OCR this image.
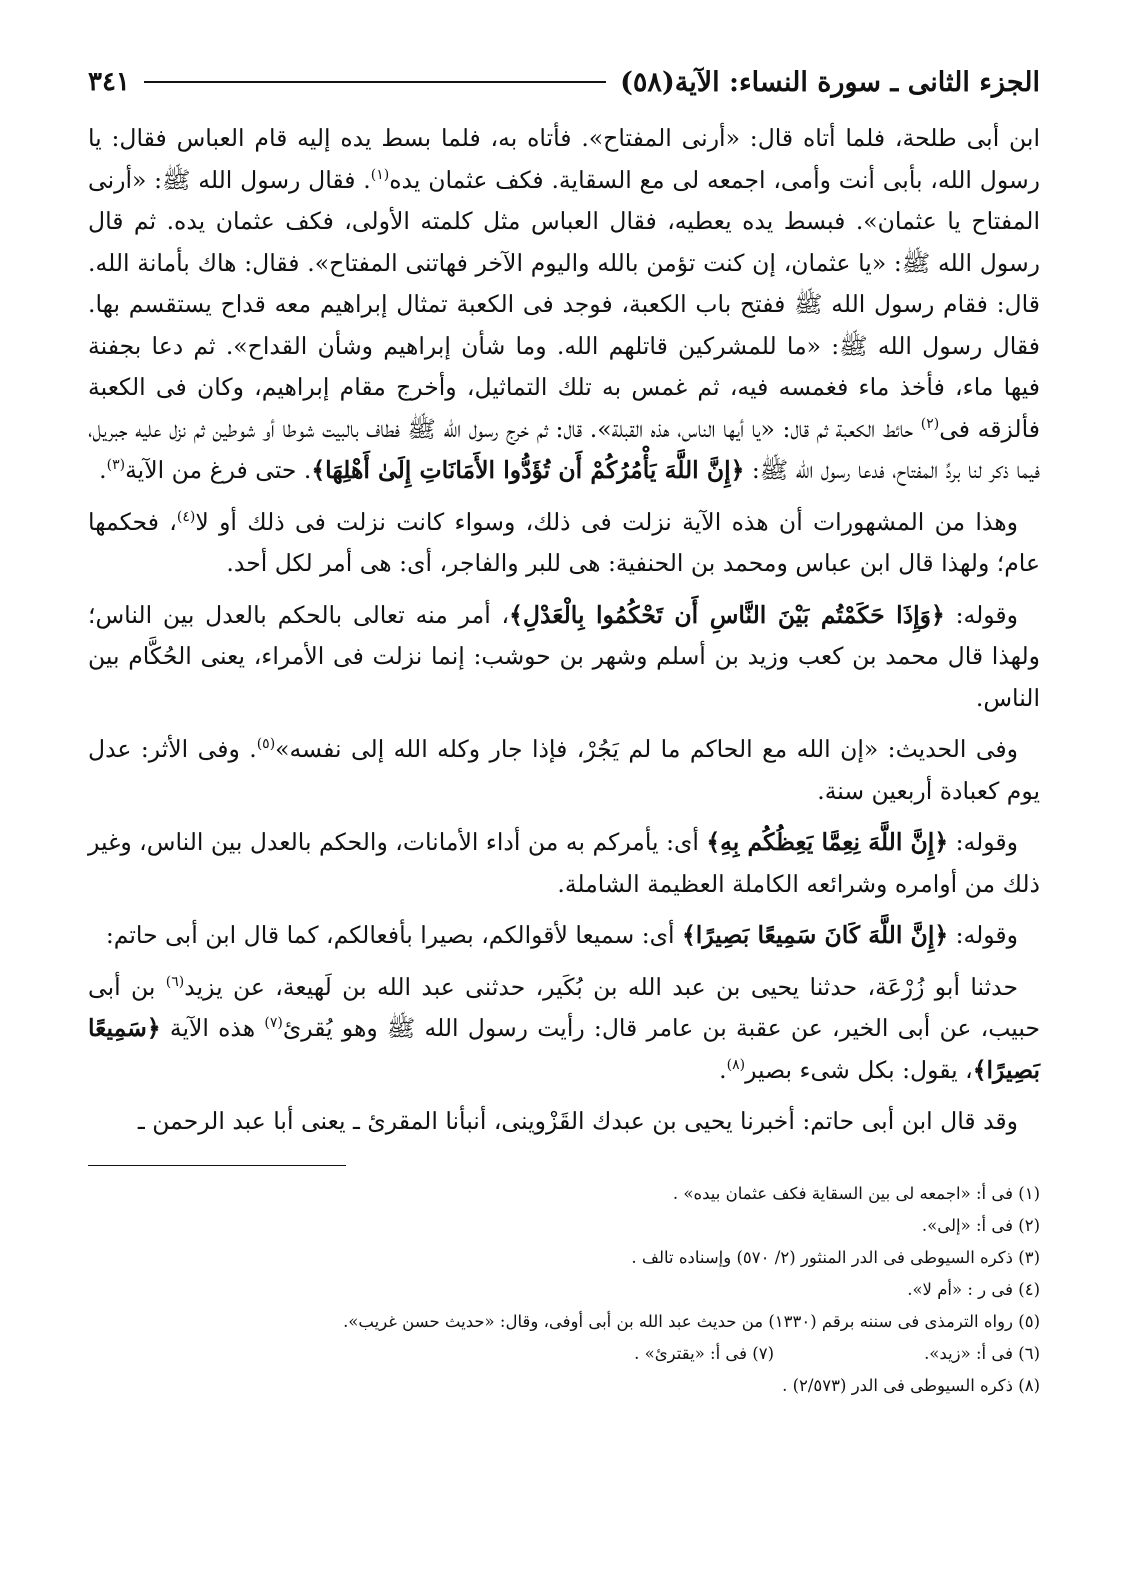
الجزء الثانى ـ سورة النساء: الآية(٥٨)
٣٤١

ابن أبى طلحة، فلما أتاه قال: «أرنى المفتاح». فأتاه به، فلما بسط يده إليه قام العباس فقال: يا رسول الله، بأبى أنت وأمى، اجمعه لى مع السقاية. فكف عثمان يده$^{(١)}$. فقال رسول الله ﷺ: «أرنى المفتاح يا عثمان». فبسط يده يعطيه، فقال العباس مثل كلمته الأولى، فكف عثمان يده. ثم قال رسول الله ﷺ: «يا عثمان، إن كنت تؤمن بالله واليوم الآخر فهاتنى المفتاح». فقال: هاك بأمانة الله. قال: فقام رسول الله ﷺ ففتح باب الكعبة، فوجد فى الكعبة تمثال إبراهيم معه قداح يستقسم بها. فقال رسول الله ﷺ: «ما للمشركين قاتلهم الله. وما شأن إبراهيم وشأن القداح». ثم دعا بجفنة فيها ماء، فأخذ ماء فغمسه فيه، ثم غمس به تلك التماثيل، وأخرج مقام إبراهيم، وكان فى الكعبة فألزقه فى$^{(٢)}$ حائط الكعبة ثم قال: «يا أيها الناس، هذه القبلة». قال: ثم خرج رسول الله ﷺ فطاف بالبيت شوطا أو شوطين ثم نزل عليه جبريل، فيما ذكر لنا بردِّ المفتاح، فدعا رسول الله ﷺ: ﴿إِنَّ اللَّهَ يَأْمُرُكُمْ أَن تُؤَدُّوا الأَمَانَاتِ إِلَىٰ أَهْلِهَا﴾. حتى فرغ من الآية$^{(٣)}$.

وهذا من المشهورات أن هذه الآية نزلت فى ذلك، وسواء كانت نزلت فى ذلك أو لا$^{(٤)}$، فحكمها عام؛ ولهذا قال ابن عباس ومحمد بن الحنفية: هى للبر والفاجر، أى: هى أمر لكل أحد.

وقوله: ﴿وَإِذَا حَكَمْتُم بَيْنَ النَّاسِ أَن تَحْكُمُوا بِالْعَدْلِ﴾، أمر منه تعالى بالحكم بالعدل بين الناس؛ ولهذا قال محمد بن كعب وزيد بن أسلم وشهر بن حوشب: إنما نزلت فى الأمراء، يعنى الحُكَّام بين الناس.

وفى الحديث: «إن الله مع الحاكم ما لم يَجُرْ، فإذا جار وكله الله إلى نفسه»$^{(٥)}$. وفى الأثر: عدل يوم كعبادة أربعين سنة.

وقوله: ﴿إِنَّ اللَّهَ نِعِمَّا يَعِظُكُم بِهِ﴾ أى: يأمركم به من أداء الأمانات، والحكم بالعدل بين الناس، وغير ذلك من أوامره وشرائعه الكاملة العظيمة الشاملة.

وقوله: ﴿إِنَّ اللَّهَ كَانَ سَمِيعًا بَصِيرًا﴾ أى: سميعا لأقوالكم، بصيرا بأفعالكم، كما قال ابن أبى حاتم:

حدثنا أبو زُرْعَة، حدثنا يحيى بن عبد الله بن بُكَير، حدثنى عبد الله بن لَهيعة، عن يزيد$^{(٦)}$ بن أبى حبيب، عن أبى الخير، عن عقبة بن عامر قال: رأيت رسول الله ﷺ وهو يُقرئ$^{(٧)}$ هذه الآية ﴿سَمِيعًا بَصِيرًا﴾، يقول: بكل شىء بصير$^{(٨)}$.

وقد قال ابن أبى حاتم: أخبرنا يحيى بن عبدك القَزْوينى، أنبأنا المقرئ ـ يعنى أبا عبد الرحمن ـ

(١) فى أ: «اجمعه لى بين السقاية فكف عثمان بيده» .
(٢) فى أ: «إلى».
(٣) ذكره السيوطى فى الدر المنثور (٢/ ٥٧٠) وإسناده تالف .
(٤) فى ر : «أم لا».
(٥) رواه الترمذى فى سننه برقم (١٣٣٠) من حديث عبد الله بن أبى أوفى، وقال: «حديث حسن غريب».
(٦) فى أ: «زيد».
(٧) فى أ: «يقترئ» .
(٨) ذكره السيوطى فى الدر (٢/٥٧٣) .
